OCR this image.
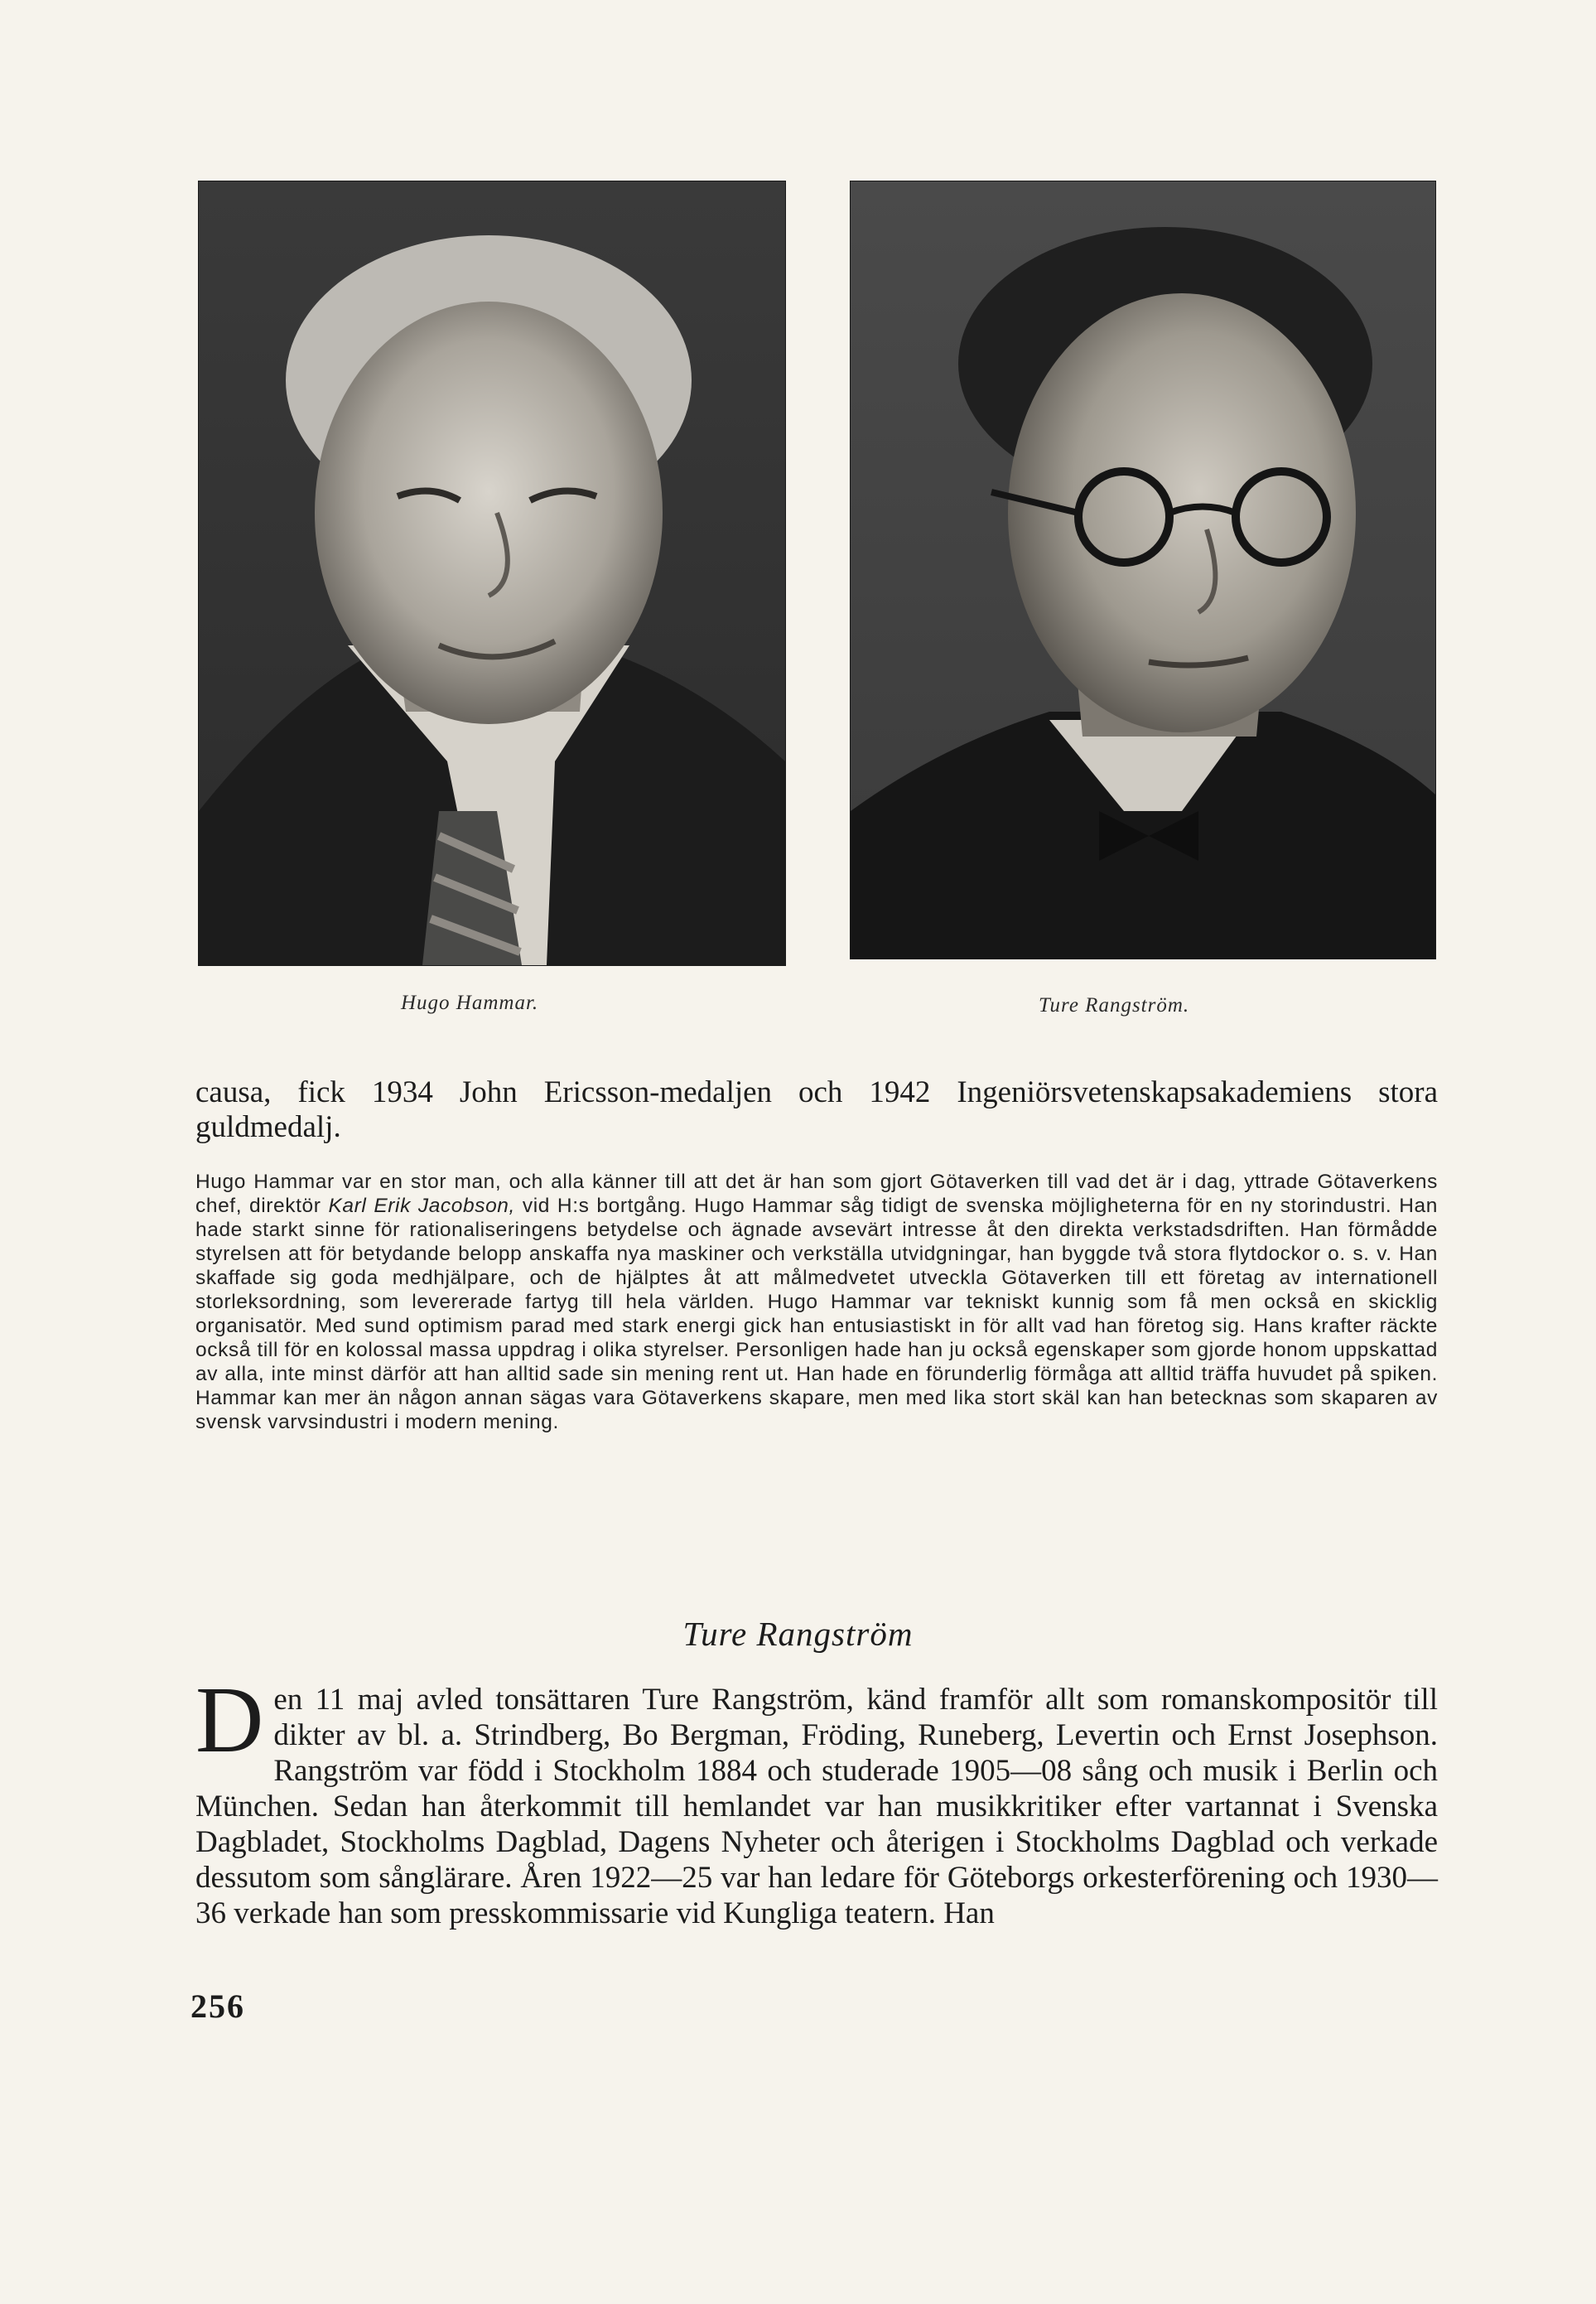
Hugo Hammar.	Ture Rangström.
causa, fick 1934 John Ericsson-medaljen och 1942 Ingeniörsvetenskapsakademiens stora guldmedalj.
Hugo Hammar var en stor man, och alla känner till att det är han som gjort Götaverken till vad det är i dag, yttrade Götaverkens chef, direktör Karl Erik Jacobson, vid H:s bortgång. Hugo Hammar såg tidigt de svenska möjligheterna för en ny storindustri. Han hade starkt sinne för rationaliseringens betydelse och ägnade avsevärt intresse åt den direkta verkstadsdriften. Han förmådde styrelsen att för betydande belopp anskaffa nya maskiner och verkställa utvidgningar, han byggde två stora flytdockor o. s. v. Han skaffade sig goda medhjälpare, och de hjälptes åt att målmedvetet utveckla Götaverken till ett företag av internationell storleksordning, som levererade fartyg till hela världen. Hugo Hammar var tekniskt kunnig som få men också en skicklig organisatör. Med sund optimism parad med stark energi gick han entusiastiskt in för allt vad han företog sig. Hans krafter räckte också till för en kolossal massa uppdrag i olika styrelser. Personligen hade han ju också egenskaper som gjorde honom uppskattad av alla, inte minst därför att han alltid sade sin mening rent ut. Han hade en förunderlig förmåga att alltid träffa huvudet på spiken. Hammar kan mer än någon annan sägas vara Götaverkens skapare, men med lika stort skäl kan han betecknas som skaparen av svensk varvsindustri i modern mening.
Ture Rangström
Den 11 maj avled tonsättaren Ture Rangström, känd framför allt som romanskompositör till dikter av bl. a. Strindberg, Bo Bergman, Fröding, Runeberg, Levertin och Ernst Josephson. Rangström var född i Stockholm 1884 och studerade 1905—08 sång och musik i Berlin och München. Sedan han återkommit till hemlandet var han musikkritiker efter vartannat i Svenska Dagbladet, Stockholms Dagblad, Dagens Nyheter och återigen i Stockholms Dagblad och verkade dessutom som sånglärare. Åren 1922—25 var han ledare för Göteborgs orkesterförening och 1930—36 verkade han som presskommissarie vid Kungliga teatern. Han
256
